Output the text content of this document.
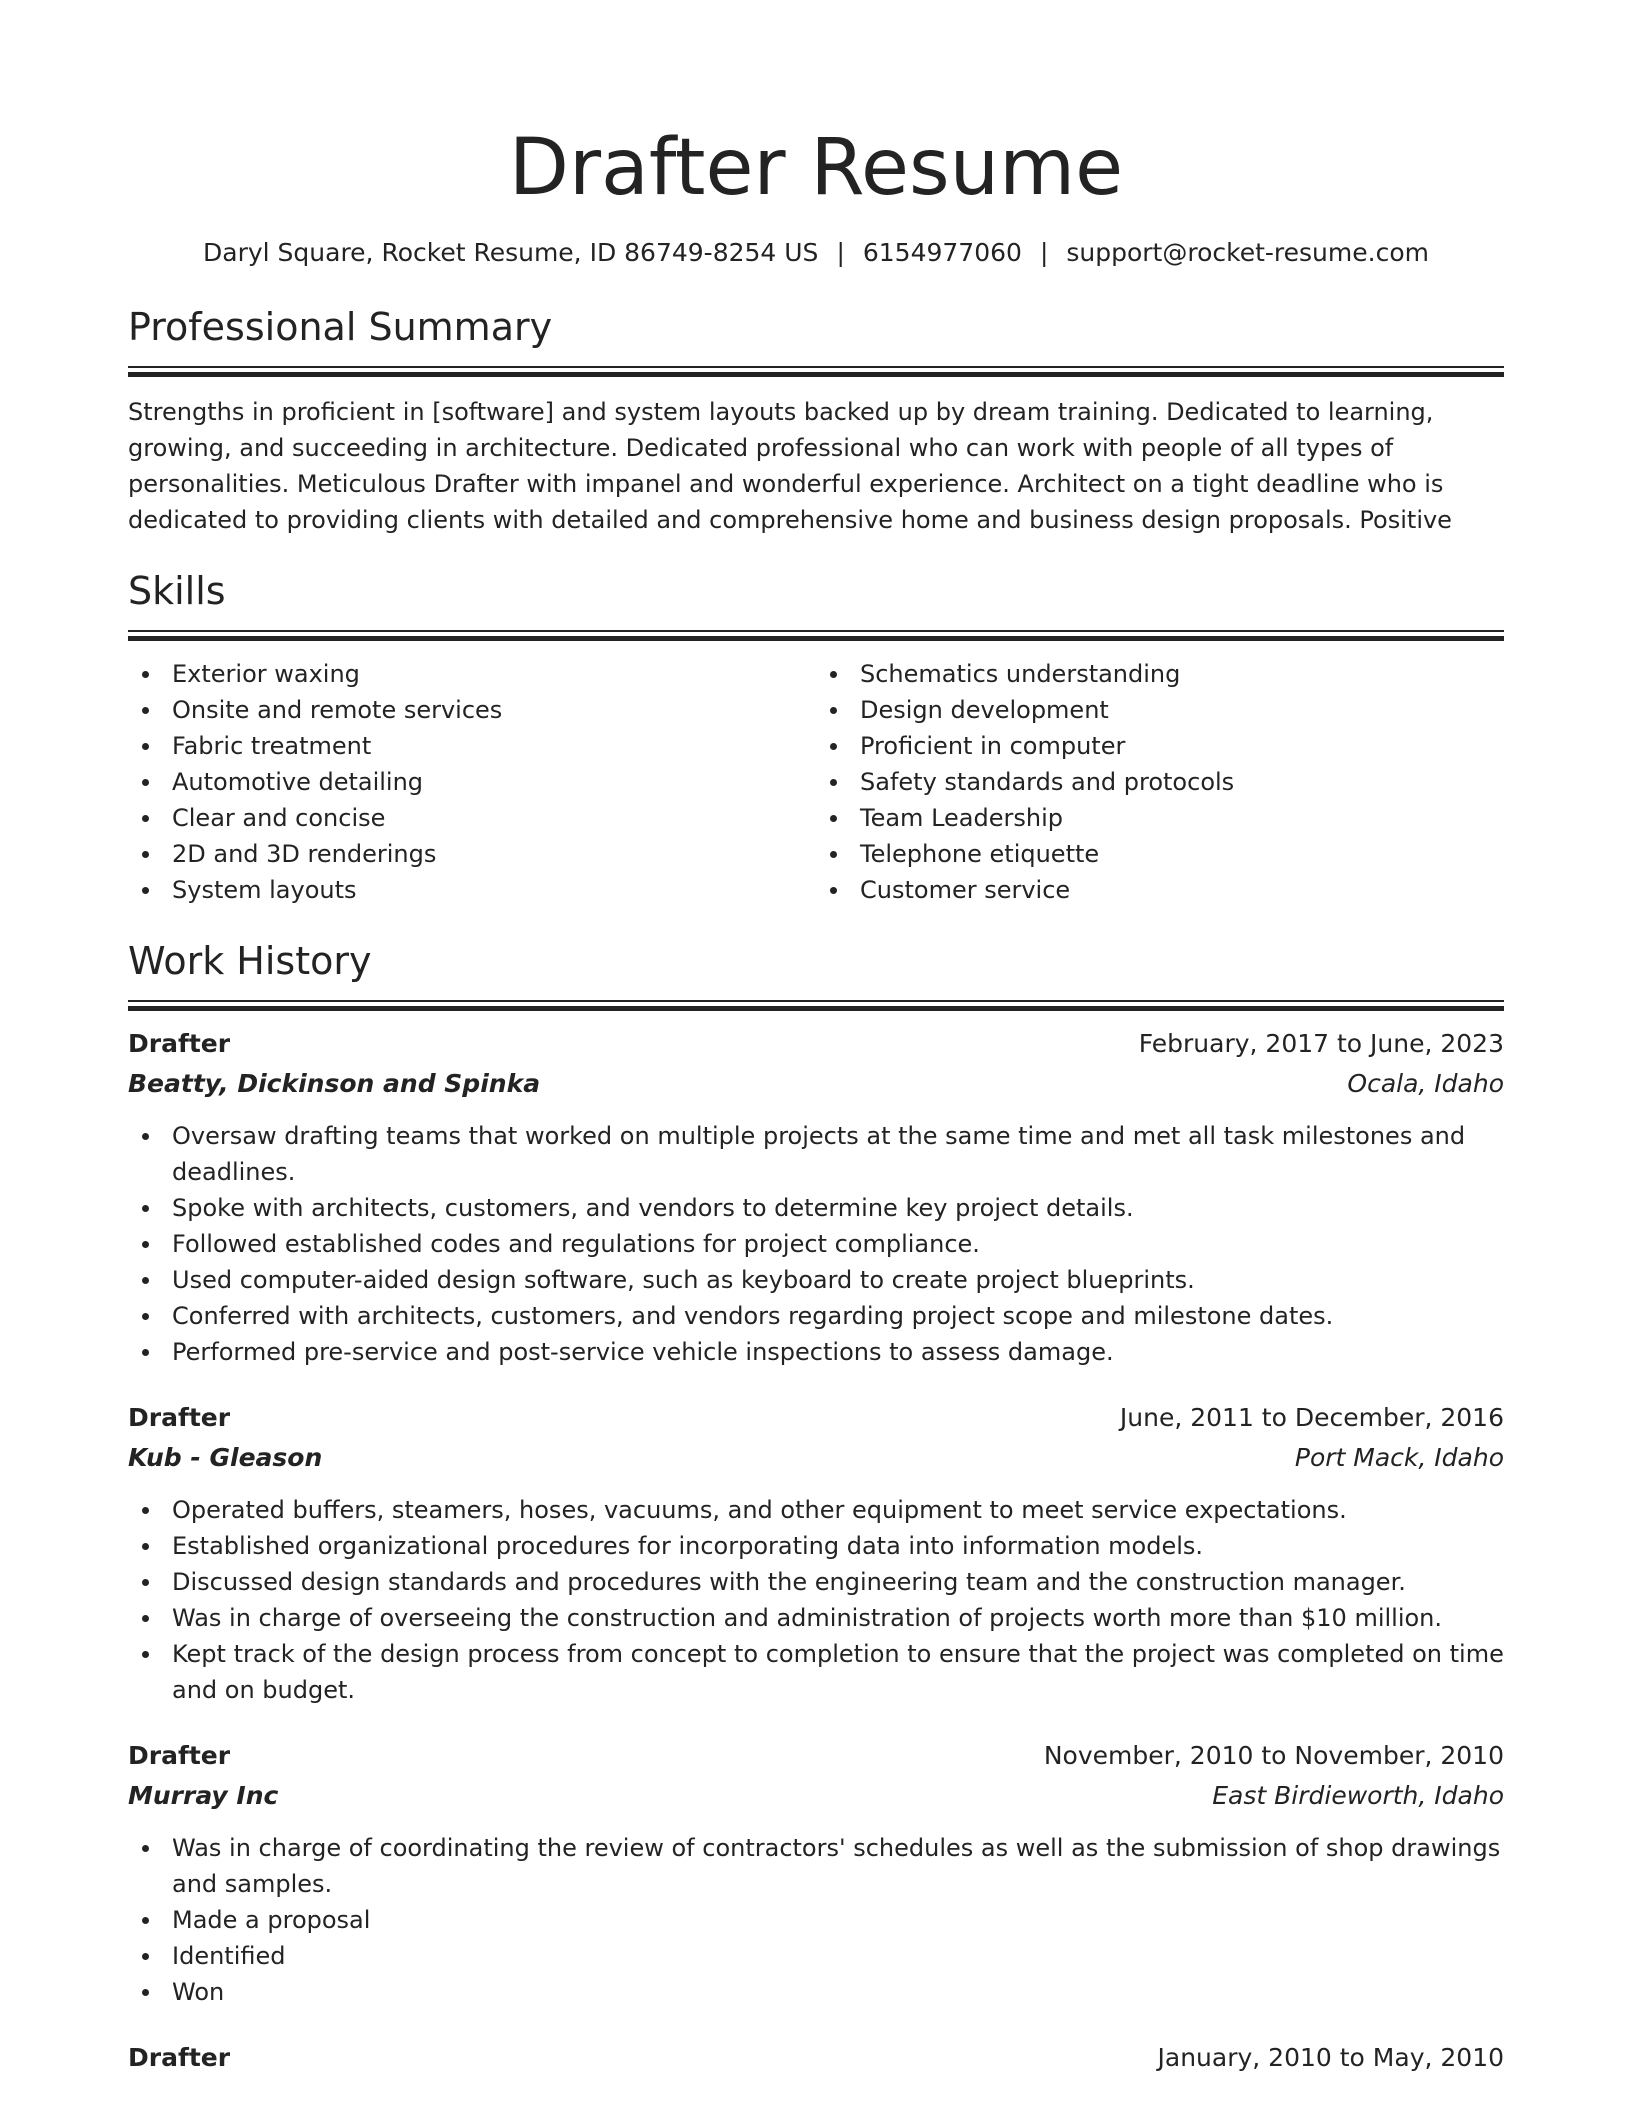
Drafter Resume
Daryl Square, Rocket Resume, ID 86749-8254 US | 6154977060 | support@rocket-resume.com
Professional Summary

Strengths in proficient in [software] and system layouts backed up by dream training. Dedicated to learning, growing, and succeeding in architecture. Dedicated professional who can work with people of all types of personalities. Meticulous Drafter with impanel and wonderful experience. Architect on a tight deadline who is dedicated to providing clients with detailed and comprehensive home and business design proposals. Positive

Skills
Exterior waxing
Onsite and remote services
Fabric treatment
Automotive detailing
Clear and concise
2D and 3D renderings
System layouts
Schematics understanding
Design development
Proficient in computer
Safety standards and protocols
Team Leadership
Telephone etiquette
Customer service
Work History
Drafter	February, 2017 to June, 2023
Beatty, Dickinson and Spinka	Ocala, Idaho
Oversaw drafting teams that worked on multiple projects at the same time and met all task milestones and deadlines.
Spoke with architects, customers, and vendors to determine key project details.
Followed established codes and regulations for project compliance.
Used computer-aided design software, such as keyboard to create project blueprints.
Conferred with architects, customers, and vendors regarding project scope and milestone dates.
Performed pre-service and post-service vehicle inspections to assess damage.
Drafter	June, 2011 to December, 2016
Kub - Gleason	Port Mack, Idaho
Operated buffers, steamers, hoses, vacuums, and other equipment to meet service expectations.
Established organizational procedures for incorporating data into information models.
Discussed design standards and procedures with the engineering team and the construction manager.
Was in charge of overseeing the construction and administration of projects worth more than $10 million.
Kept track of the design process from concept to completion to ensure that the project was completed on time and on budget.
Drafter	November, 2010 to November, 2010
Murray Inc	East Birdieworth, Idaho
Was in charge of coordinating the review of contractors' schedules as well as the submission of shop drawings and samples.
Made a proposal
Identified
Won
Drafter	January, 2010 to May, 2010
